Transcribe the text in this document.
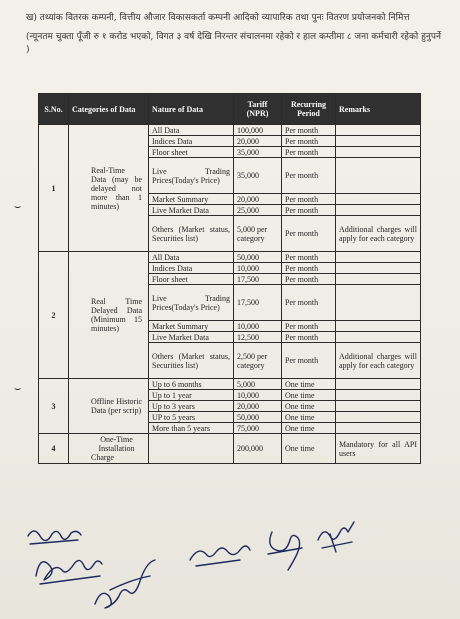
ख) तथ्यांक वितरक कम्पनी, वित्तीय औजार विकासकर्ता कम्पनी आदिको व्यापारिक तथा पुनः वितरण प्रयोजनको निमित्त

(न्यूनतम चुक्ता पूँजी रु १ करोड भएको, विगत ३ वर्ष देखि निरन्तर संचालनमा रहेको र हाल कम्तीमा ८ जना कर्मचारी रहेको हुनुपर्ने )

S.No.	Categories of Data	Nature of Data	Tariff (NPR)	Recurring Period	Remarks
1	Real-Time Data (may be delayed not more than 1 minutes)	All Data	100,000	Per month	
		Indices Data	20,000	Per month	
		Floor sheet	35,000	Per month	
		Live Trading Prices(Today's Price)	35,000	Per month	
		Market Summary	20,000	Per month	
		Live Market Data	25,000	Per month	
		Others (Market status, Securities list)	5,000 per category	Per month	Additional charges will apply for each category
2	Real Time Delayed Data (Minimum 15 minutes)	All Data	50,000	Per month	
		Indices Data	10,000	Per month	
		Floor sheet	17,500	Per month	
		Live Trading Prices(Today's Price)	17,500	Per month	
		Market Summary	10,000	Per month	
		Live Market Data	12,500	Per month	
		Others (Market status, Securities list)	2,500 per category	Per month	Additional charges will apply for each category
3	Offline Historic Data (per scrip)	Up to 6 months	5,000	One time	
		Up to 1 year	10,000	One time	
		Up to 3 years	20,000	One time	
		UP to 5 years	50,000	One time	
		More than 5 years	75,000	One time	
4	One-Time Installation Charge		200,000	One time	Mandatory for all API users
⌣
⌣
